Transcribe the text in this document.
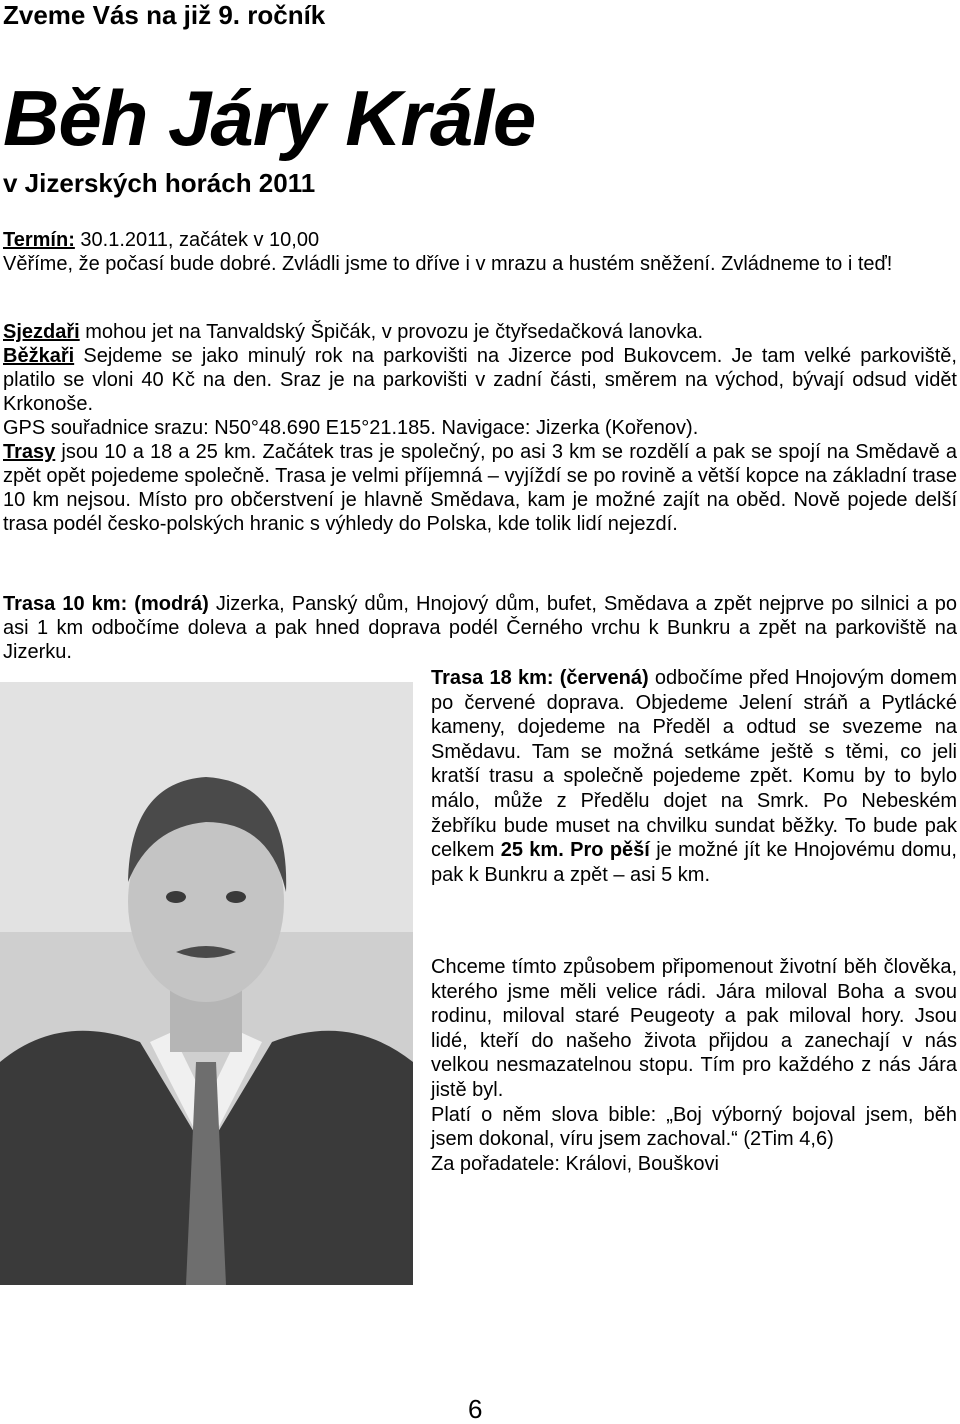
Zveme Vás na již 9. ročník
Běh Járy Krále
v Jizerských horách 2011

Termín: 30.1.2011, začátek v 10,00

Věříme, že počasí bude dobré. Zvládli jsme to dříve i v mrazu a hustém sněžení. Zvládneme to i teď!

Sjezdaři mohou jet na Tanvaldský Špičák, v provozu je čtyřsedačková lanovka.

Běžkaři Sejdeme se jako minulý rok na parkovišti na Jizerce pod Bukovcem. Je tam velké parkoviště, platilo se vloni 40 Kč na den. Sraz je na parkovišti v zadní části, směrem na východ, bývají odsud vidět Krkonoše.

GPS souřadnice srazu: N50°48.690 E15°21.185. Navigace: Jizerka (Kořenov).

Trasy jsou 10 a 18 a 25 km. Začátek tras je společný, po asi 3 km se rozdělí a pak se spojí na Smědavě a zpět opět pojedeme společně. Trasa je velmi příjemná – vyjíždí se po rovině a větší kopce na základní trase 10 km nejsou. Místo pro občerstvení je hlavně Smědava, kam je možné zajít na oběd. Nově pojede delší trasa podél česko-polských hranic s výhledy do Polska, kde tolik lidí nejezdí.

Trasa 10 km: (modrá) Jizerka, Panský dům, Hnojový dům, bufet, Smědava a zpět nejprve po silnici a po asi 1 km odbočíme doleva a pak hned doprava podél Černého vrchu k Bunkru a zpět na parkoviště na Jizerku.

Trasa 18 km: (červená) odbočíme před Hnojovým domem po červené doprava. Objedeme Jelení stráň a Pytlácké kameny, dojedeme na Předěl a odtud se svezeme na Smědavu. Tam se možná setkáme ještě s těmi, co jeli kratší trasu a společně pojedeme zpět. Komu by to bylo málo, může z Předělu dojet na Smrk. Po Nebeském žebříku bude muset na chvilku sundat běžky. To bude pak celkem 25 km. Pro pěší je možné jít ke Hnojovému domu, pak k Bunkru a zpět – asi 5 km.

Chceme tímto způsobem připomenout životní běh člověka, kterého jsme měli velice rádi. Jára miloval Boha a svou rodinu, miloval staré Peugeoty a pak miloval hory. Jsou lidé, kteří do našeho života přijdou a zanechají v nás velkou nesmazatelnou stopu. Tím pro každého z nás Jára jistě byl.

Platí o něm slova bible: „Boj výborný bojoval jsem, běh jsem dokonal, víru jsem zachoval.“ (2Tim 4,6)

Za pořadatele: Královi, Bouškovi

6
